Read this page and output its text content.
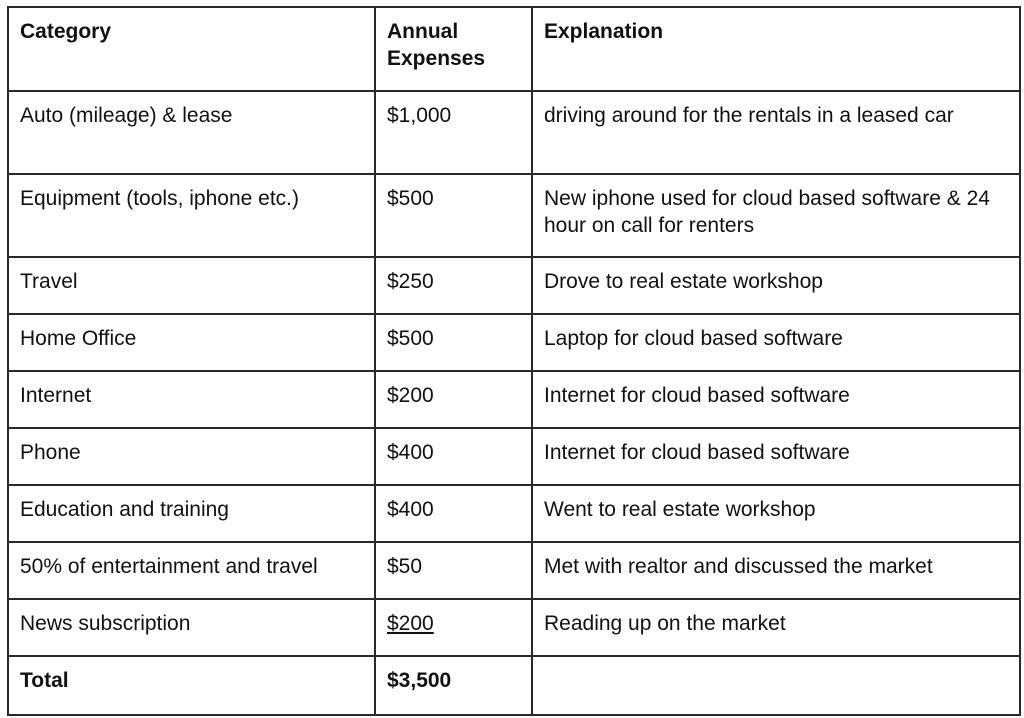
Category	Annual Expenses	Explanation
Auto (mileage) & lease	$1,000	driving around for the rentals in a leased car

Equipment (tools, iphone etc.)	$500	New iphone used for cloud based software & 24 hour on call for renters
Travel	$250	Drove to real estate workshop
Home Office	$500	Laptop for cloud based software
Internet	$200	Internet for cloud based software
Phone	$400	Internet for cloud based software
Education and training	$400	Went to real estate workshop
50% of entertainment and travel	$50	Met with realtor and discussed the market
News subscription	$200	Reading up on the market
Total	$3,500	
